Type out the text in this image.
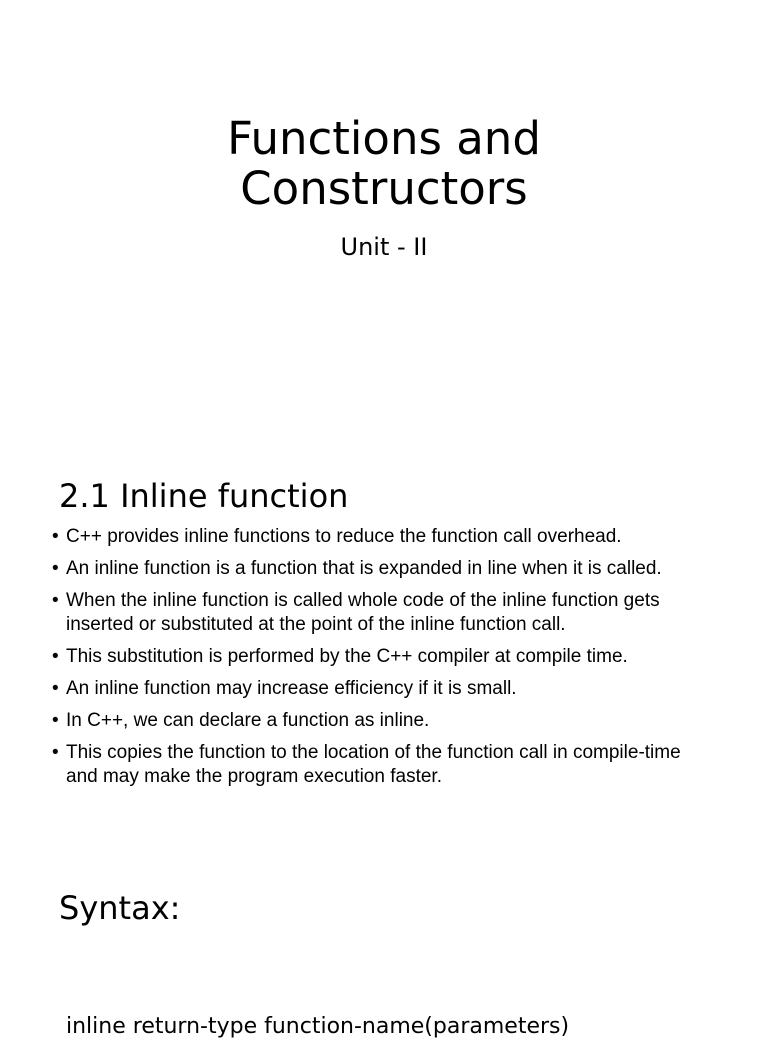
Functions and
Constructors

Unit - II

2.1 Inline function
• C++ provides inline functions to reduce the function call overhead.
• An inline function is a function that is expanded in line when it is called.
• When the inline function is called whole code of the inline function gets inserted or substituted at the point of the inline function call.
• This substitution is performed by the C++ compiler at compile time.
• An inline function may increase efficiency if it is small.
• In C++, we can declare a function as inline.
• This copies the function to the location of the function call in compile-time and may make the program execution faster.
Syntax:

inline return-type function-name(parameters)
